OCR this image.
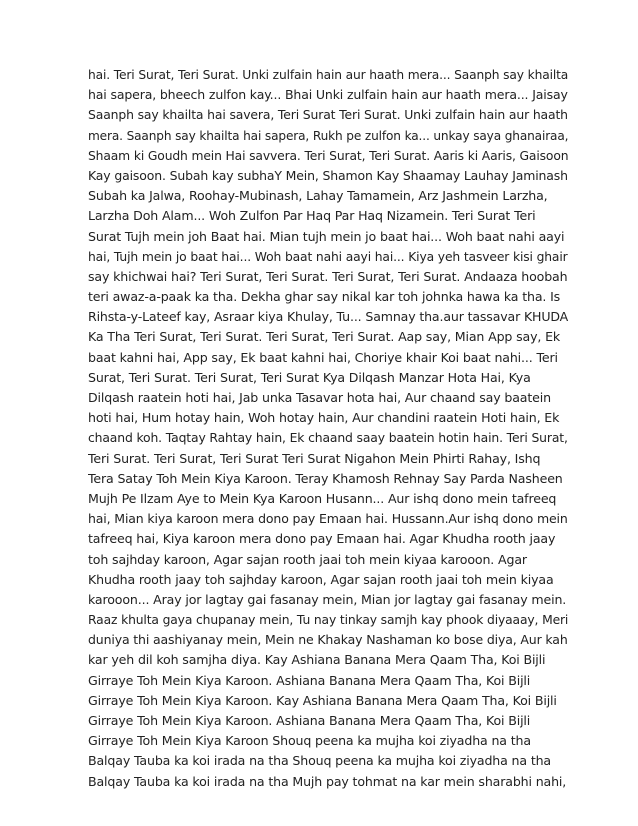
hai. Teri Surat, Teri Surat. Unki zulfain hain aur haath mera... Saanph say khailta
hai sapera, bheech zulfon kay... Bhai Unki zulfain hain aur haath mera... Jaisay
Saanph say khailta hai savera, Teri Surat Teri Surat. Unki zulfain hain aur haath
mera. Saanph say khailta hai sapera, Rukh pe zulfon ka... unkay saya ghanairaa,
Shaam ki Goudh mein Hai savvera. Teri Surat, Teri Surat. Aaris ki Aaris, Gaisoon
Kay gaisoon. Subah kay subhaY Mein, Shamon Kay Shaamay Lauhay Jaminash
Subah ka Jalwa, Roohay-Mubinash, Lahay Tamamein, Arz Jashmein Larzha,
Larzha Doh Alam... Woh Zulfon Par Haq Par Haq Nizamein. Teri Surat Teri
Surat Tujh mein joh Baat hai. Mian tujh mein jo baat hai... Woh baat nahi aayi
hai, Tujh mein jo baat hai... Woh baat nahi aayi hai... Kiya yeh tasveer kisi ghair
say khichwai hai? Teri Surat, Teri Surat. Teri Surat, Teri Surat. Andaaza hoobah
teri awaz-a-paak ka tha. Dekha ghar say nikal kar toh johnka hawa ka tha. Is
Rihsta-y-Lateef kay, Asraar kiya Khulay, Tu... Samnay tha.aur tassavar KHUDA
Ka Tha Teri Surat, Teri Surat. Teri Surat, Teri Surat. Aap say, Mian App say, Ek
baat kahni hai, App say, Ek baat kahni hai, Choriye khair Koi baat nahi... Teri
Surat, Teri Surat. Teri Surat, Teri Surat Kya Dilqash Manzar Hota Hai, Kya
Dilqash raatein hoti hai, Jab unka Tasavar hota hai, Aur chaand say baatein
hoti hai, Hum hotay hain, Woh hotay hain, Aur chandini raatein Hoti hain, Ek
chaand koh. Taqtay Rahtay hain, Ek chaand saay baatein hotin hain. Teri Surat,
Teri Surat. Teri Surat, Teri Surat Teri Surat Nigahon Mein Phirti Rahay, Ishq
Tera Satay Toh Mein Kiya Karoon. Teray Khamosh Rehnay Say Parda Nasheen
Mujh Pe Ilzam Aye to Mein Kya Karoon Husann... Aur ishq dono mein tafreeq
hai, Mian kiya karoon mera dono pay Emaan hai. Hussann.Aur ishq dono mein
tafreeq hai, Kiya karoon mera dono pay Emaan hai. Agar Khudha rooth jaay
toh sajhday karoon, Agar sajan rooth jaai toh mein kiyaa karooon. Agar
Khudha rooth jaay toh sajhday karoon, Agar sajan rooth jaai toh mein kiyaa
karooon... Aray jor lagtay gai fasanay mein, Mian jor lagtay gai fasanay mein.
Raaz khulta gaya chupanay mein, Tu nay tinkay samjh kay phook diyaaay, Meri
duniya thi aashiyanay mein, Mein ne Khakay Nashaman ko bose diya, Aur kah
kar yeh dil koh samjha diya. Kay Ashiana Banana Mera Qaam Tha, Koi Bijli
Girraye Toh Mein Kiya Karoon. Ashiana Banana Mera Qaam Tha, Koi Bijli
Girraye Toh Mein Kiya Karoon. Kay Ashiana Banana Mera Qaam Tha, Koi Bijli
Girraye Toh Mein Kiya Karoon. Ashiana Banana Mera Qaam Tha, Koi Bijli
Girraye Toh Mein Kiya Karoon Shouq peena ka mujha koi ziyadha na tha
Balqay Tauba ka koi irada na tha Shouq peena ka mujha koi ziyadha na tha
Balqay Tauba ka koi irada na tha Mujh pay tohmat na kar mein sharabhi nahi,
